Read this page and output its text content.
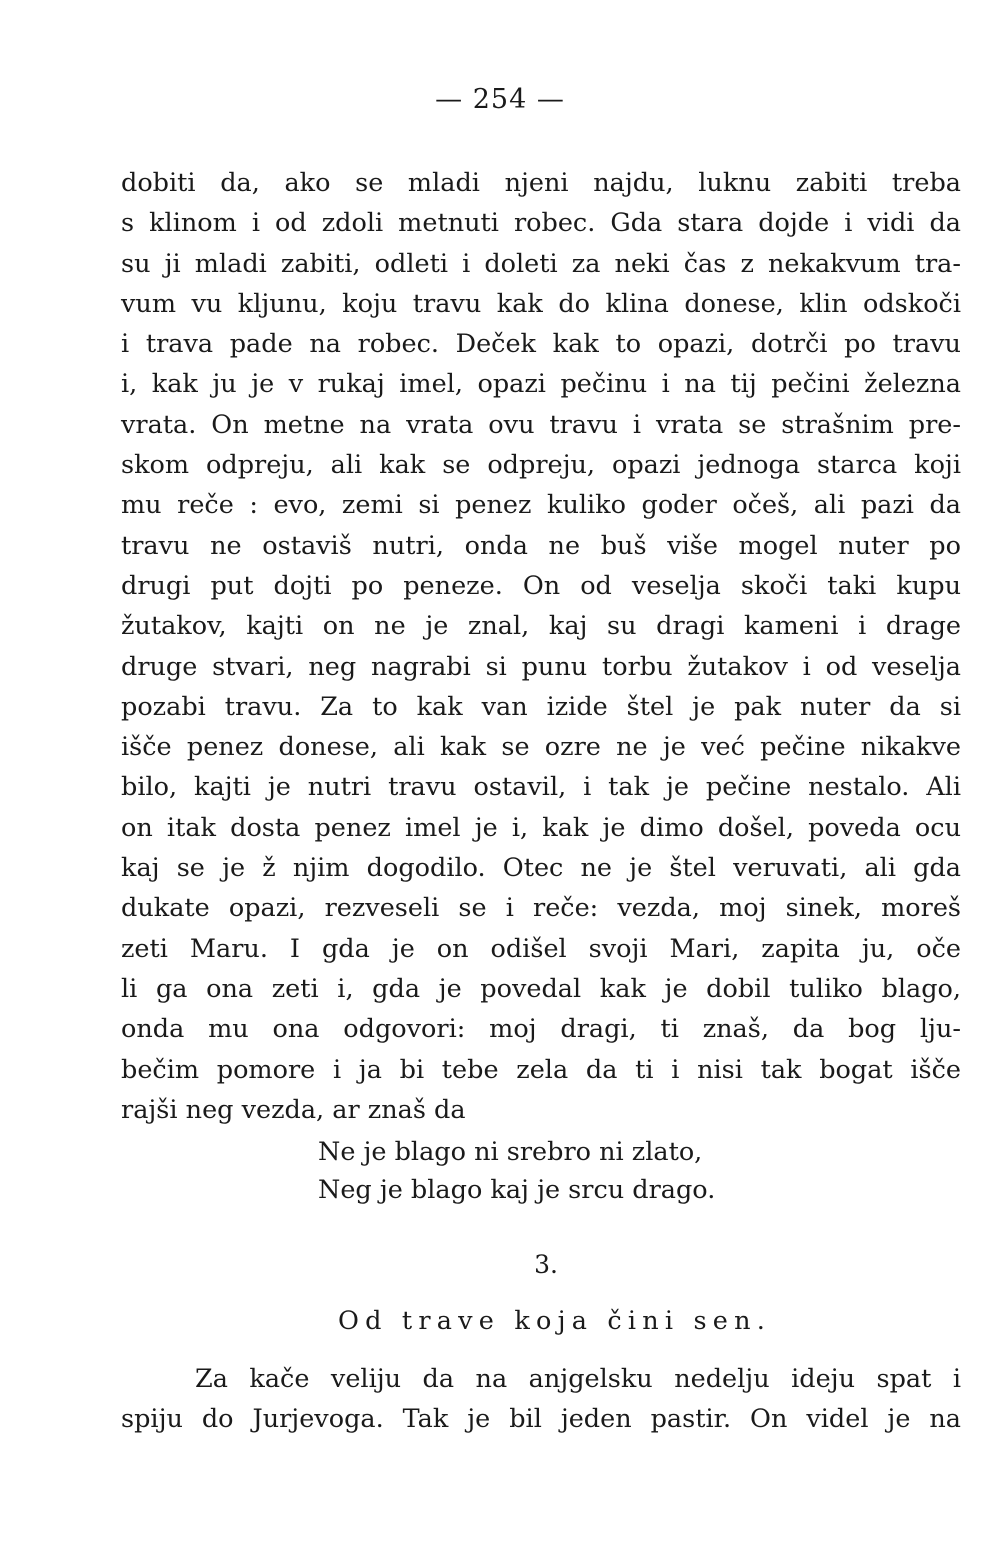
— 254 —
dobiti da, ako se mladi njeni najdu, luknu zabiti treba
s klinom i od zdoli metnuti robec. Gda stara dojde i vidi da
su ji mladi zabiti, odleti i doleti za neki čas z nekakvum tra-
vum vu kljunu, koju travu kak do klina donese, klin odskoči
i trava pade na robec. Deček kak to opazi, dotrči po travu
i, kak ju je v rukaj imel, opazi pečinu i na tij pečini železna
vrata. On metne na vrata ovu travu i vrata se strašnim pre-
skom odpreju, ali kak se odpreju, opazi jednoga starca koji
mu reče : evo, zemi si penez kuliko goder očeš, ali pazi da
travu ne ostaviš nutri, onda ne buš više mogel nuter po
drugi put dojti po peneze. On od veselja skoči taki kupu
žutakov, kajti on ne je znal, kaj su dragi kameni i drage
druge stvari, neg nagrabi si punu torbu žutakov i od veselja
pozabi travu. Za to kak van izide štel je pak nuter da si
išče penez donese, ali kak se ozre ne je već pečine nikakve
bilo, kajti je nutri travu ostavil, i tak je pečine nestalo. Ali
on itak dosta penez imel je i, kak je dimo došel, poveda ocu
kaj se je ž njim dogodilo. Otec ne je štel veruvati, ali gda
dukate opazi, rezveseli se i reče: vezda, moj sinek, moreš
zeti Maru. I gda je on odišel svoji Mari, zapita ju, oče
li ga ona zeti i, gda je povedal kak je dobil tuliko blago,
onda mu ona odgovori: moj dragi, ti znaš, da bog lju-
bečim pomore i ja bi tebe zela da ti i nisi tak bogat išče
rajši neg vezda, ar znaš da
Ne je blago ni srebro ni zlato,
Neg je blago kaj je srcu drago.
3.
Od trave koja čini sen.
Za kače veliju da na anjgelsku nedelju ideju spat i
spiju do Jurjevoga. Tak je bil jeden pastir. On videl je na
